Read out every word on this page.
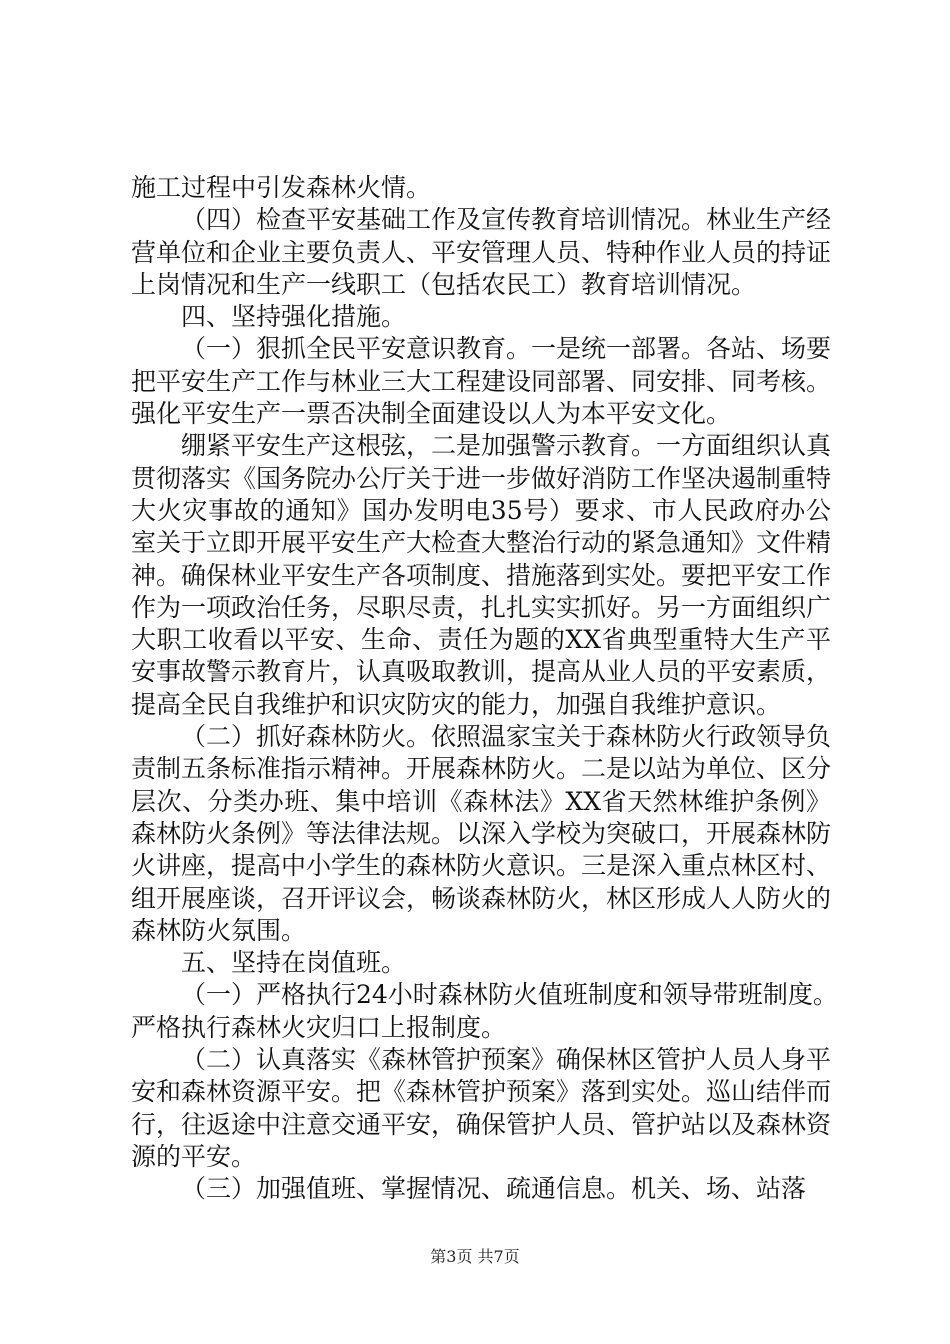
施工过程中引发森林火情。

（四）检查平安基础工作及宣传教育培训情况。林业生产经营单位和企业主要负责人、平安管理人员、特种作业人员的持证上岗情况和生产一线职工（包括农民工）教育培训情况。

四、坚持强化措施。

（一）狠抓全民平安意识教育。一是统一部署。各站、场要把平安生产工作与林业三大工程建设同部署、同安排、同考核。强化平安生产一票否决制全面建设以人为本平安文化。

绷紧平安生产这根弦，二是加强警示教育。一方面组织认真贯彻落实《国务院办公厅关于进一步做好消防工作坚决遏制重特大火灾事故的通知》国办发明电35号）要求、市人民政府办公室关于立即开展平安生产大检查大整治行动的紧急通知》文件精神。确保林业平安生产各项制度、措施落到实处。要把平安工作作为一项政治任务，尽职尽责，扎扎实实抓好。另一方面组织广大职工收看以平安、生命、责任为题的XX省典型重特大生产平安事故警示教育片，认真吸取教训，提高从业人员的平安素质，提高全民自我维护和识灾防灾的能力，加强自我维护意识。

（二）抓好森林防火。依照温家宝关于森林防火行政领导负责制五条标准指示精神。开展森林防火。二是以站为单位、区分层次、分类办班、集中培训《森林法》XX省天然林维护条例》森林防火条例》等法律法规。以深入学校为突破口，开展森林防火讲座，提高中小学生的森林防火意识。三是深入重点林区村、组开展座谈，召开评议会，畅谈森林防火，林区形成人人防火的森林防火氛围。

五、坚持在岗值班。

（一）严格执行24小时森林防火值班制度和领导带班制度。

严格执行森林火灾归口上报制度。

（二）认真落实《森林管护预案》确保林区管护人员人身平安和森林资源平安。把《森林管护预案》落到实处。巡山结伴而行，往返途中注意交通平安，确保管护人员、管护站以及森林资源的平安。

（三）加强值班、掌握情况、疏通信息。机关、场、站落

第3页 共7页
